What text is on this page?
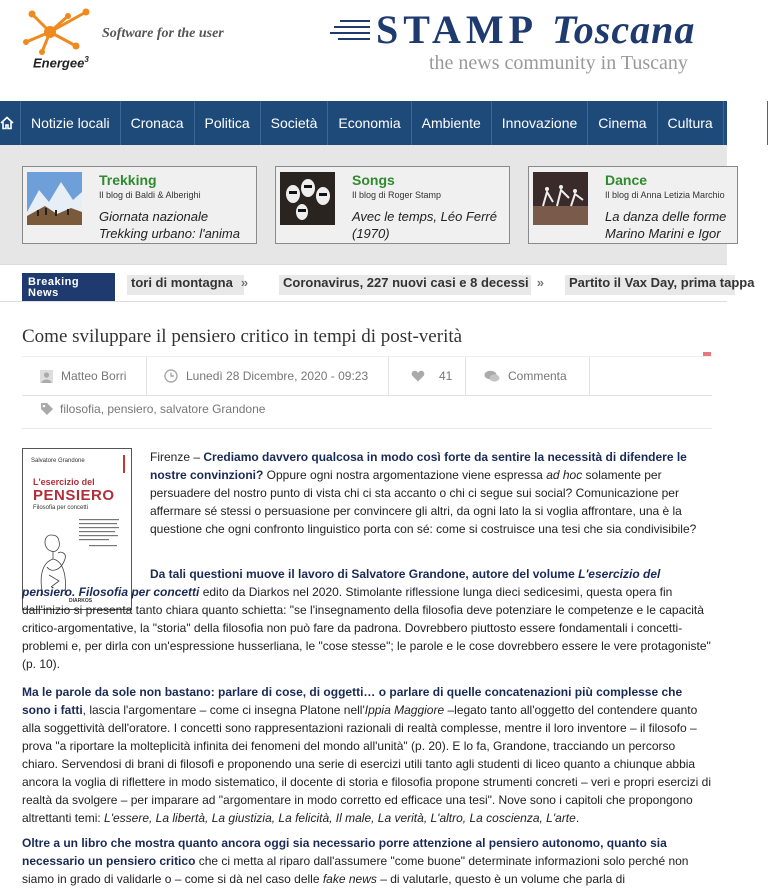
Energee$^3$
Software for the user	STAMP Toscana
the news community in Tuscany
Notizie locali	Cronaca	Politica	Società	Economia	Ambiente	Innovazione	Cinema	Cultura	Inte
Trekking
Il blog di Baldi & Alberighi
Giornata nazionale
Trekking urbano: l'anima
Songs
Il blog di Roger Stamp
Avec le temps, Léo Ferré
(1970)
Dance
Il blog di Anna Letizia Marchio
La danza delle forme
Marino Marini e Igor
Breaking
News
tori di montagna »	Coronavirus, 227 nuovi casi e 8 decessi »	Partito il Vax Day, prima tappa
Come sviluppare il pensiero critico in tempi di post-verità
Matteo Borri	Lunedì 28 Dicembre, 2020 - 09:23	41	Commenta
filosofia, pensiero, salvatore Grandone
Salvatore Grandone
L'esercizio del
PENSIERO
Filosofia per concetti
DIARKOS

Firenze – Crediamo davvero qualcosa in modo così forte da sentire la necessità di difendere le nostre convinzioni? Oppure ogni nostra argomentazione viene espressa ad hoc solamente per persuadere del nostro punto di vista chi ci sta accanto o chi ci segue sui social? Comunicazione per affermare sé stessi o persuasione per convincere gli altri, da ogni lato la si voglia affrontare, una è la questione che ogni confronto linguistico porta con sé: come si costruisce una tesi che sia condivisibile?

Da tali questioni muove il lavoro di Salvatore Grandone, autore del volume L'esercizio del pensiero. Filosofia per concetti edito da Diarkos nel 2020. Stimolante riflessione lunga dieci sedicesimi, questa opera fin dall'inizio si presenta tanto chiara quanto schietta: "se l'insegnamento della filosofia deve potenziare le competenze e le capacità critico-argomentative, la "storia" della filosofia non può fare da padrona. Dovrebbero piuttosto essere fondamentali i concetti-problemi e, per dirla con un'espressione husserliana, le "cose stesse"; le parole e le cose dovrebbero essere le vere protagoniste" (p. 10).

Ma le parole da sole non bastano: parlare di cose, di oggetti… o parlare di quelle concatenazioni più complesse che sono i fatti, lascia l'argomentare – come ci insegna Platone nell'Ippia Maggiore –legato tanto all'oggetto del contendere quanto alla soggettività dell'oratore. I concetti sono rappresentazioni razionali di realtà complesse, mentre il loro inventore – il filosofo – prova "a riportare la molteplicità infinita dei fenomeni del mondo all'unità" (p. 20). E lo fa, Grandone, tracciando un percorso chiaro. Servendosi di brani di filosofi e proponendo una serie di esercizi utili tanto agli studenti di liceo quanto a chiunque abbia ancora la voglia di riflettere in modo sistematico, il docente di storia e filosofia propone strumenti concreti – veri e propri esercizi di realtà da svolgere – per imparare ad "argomentare in modo corretto ed efficace una tesi". Nove sono i capitoli che propongono altrettanti temi: L'essere, La libertà, La giustizia, La felicità, Il male, La verità, L'altro, La coscienza, L'arte.

Oltre a un libro che mostra quanto ancora oggi sia necessario porre attenzione al pensiero autonomo, quanto sia necessario un pensiero critico che ci metta al riparo dall'assumere "come buone" determinate informazioni solo perché non siamo in grado di validarle o – come si dà nel caso delle fake news – di valutarle, questo è un volume che parla di
